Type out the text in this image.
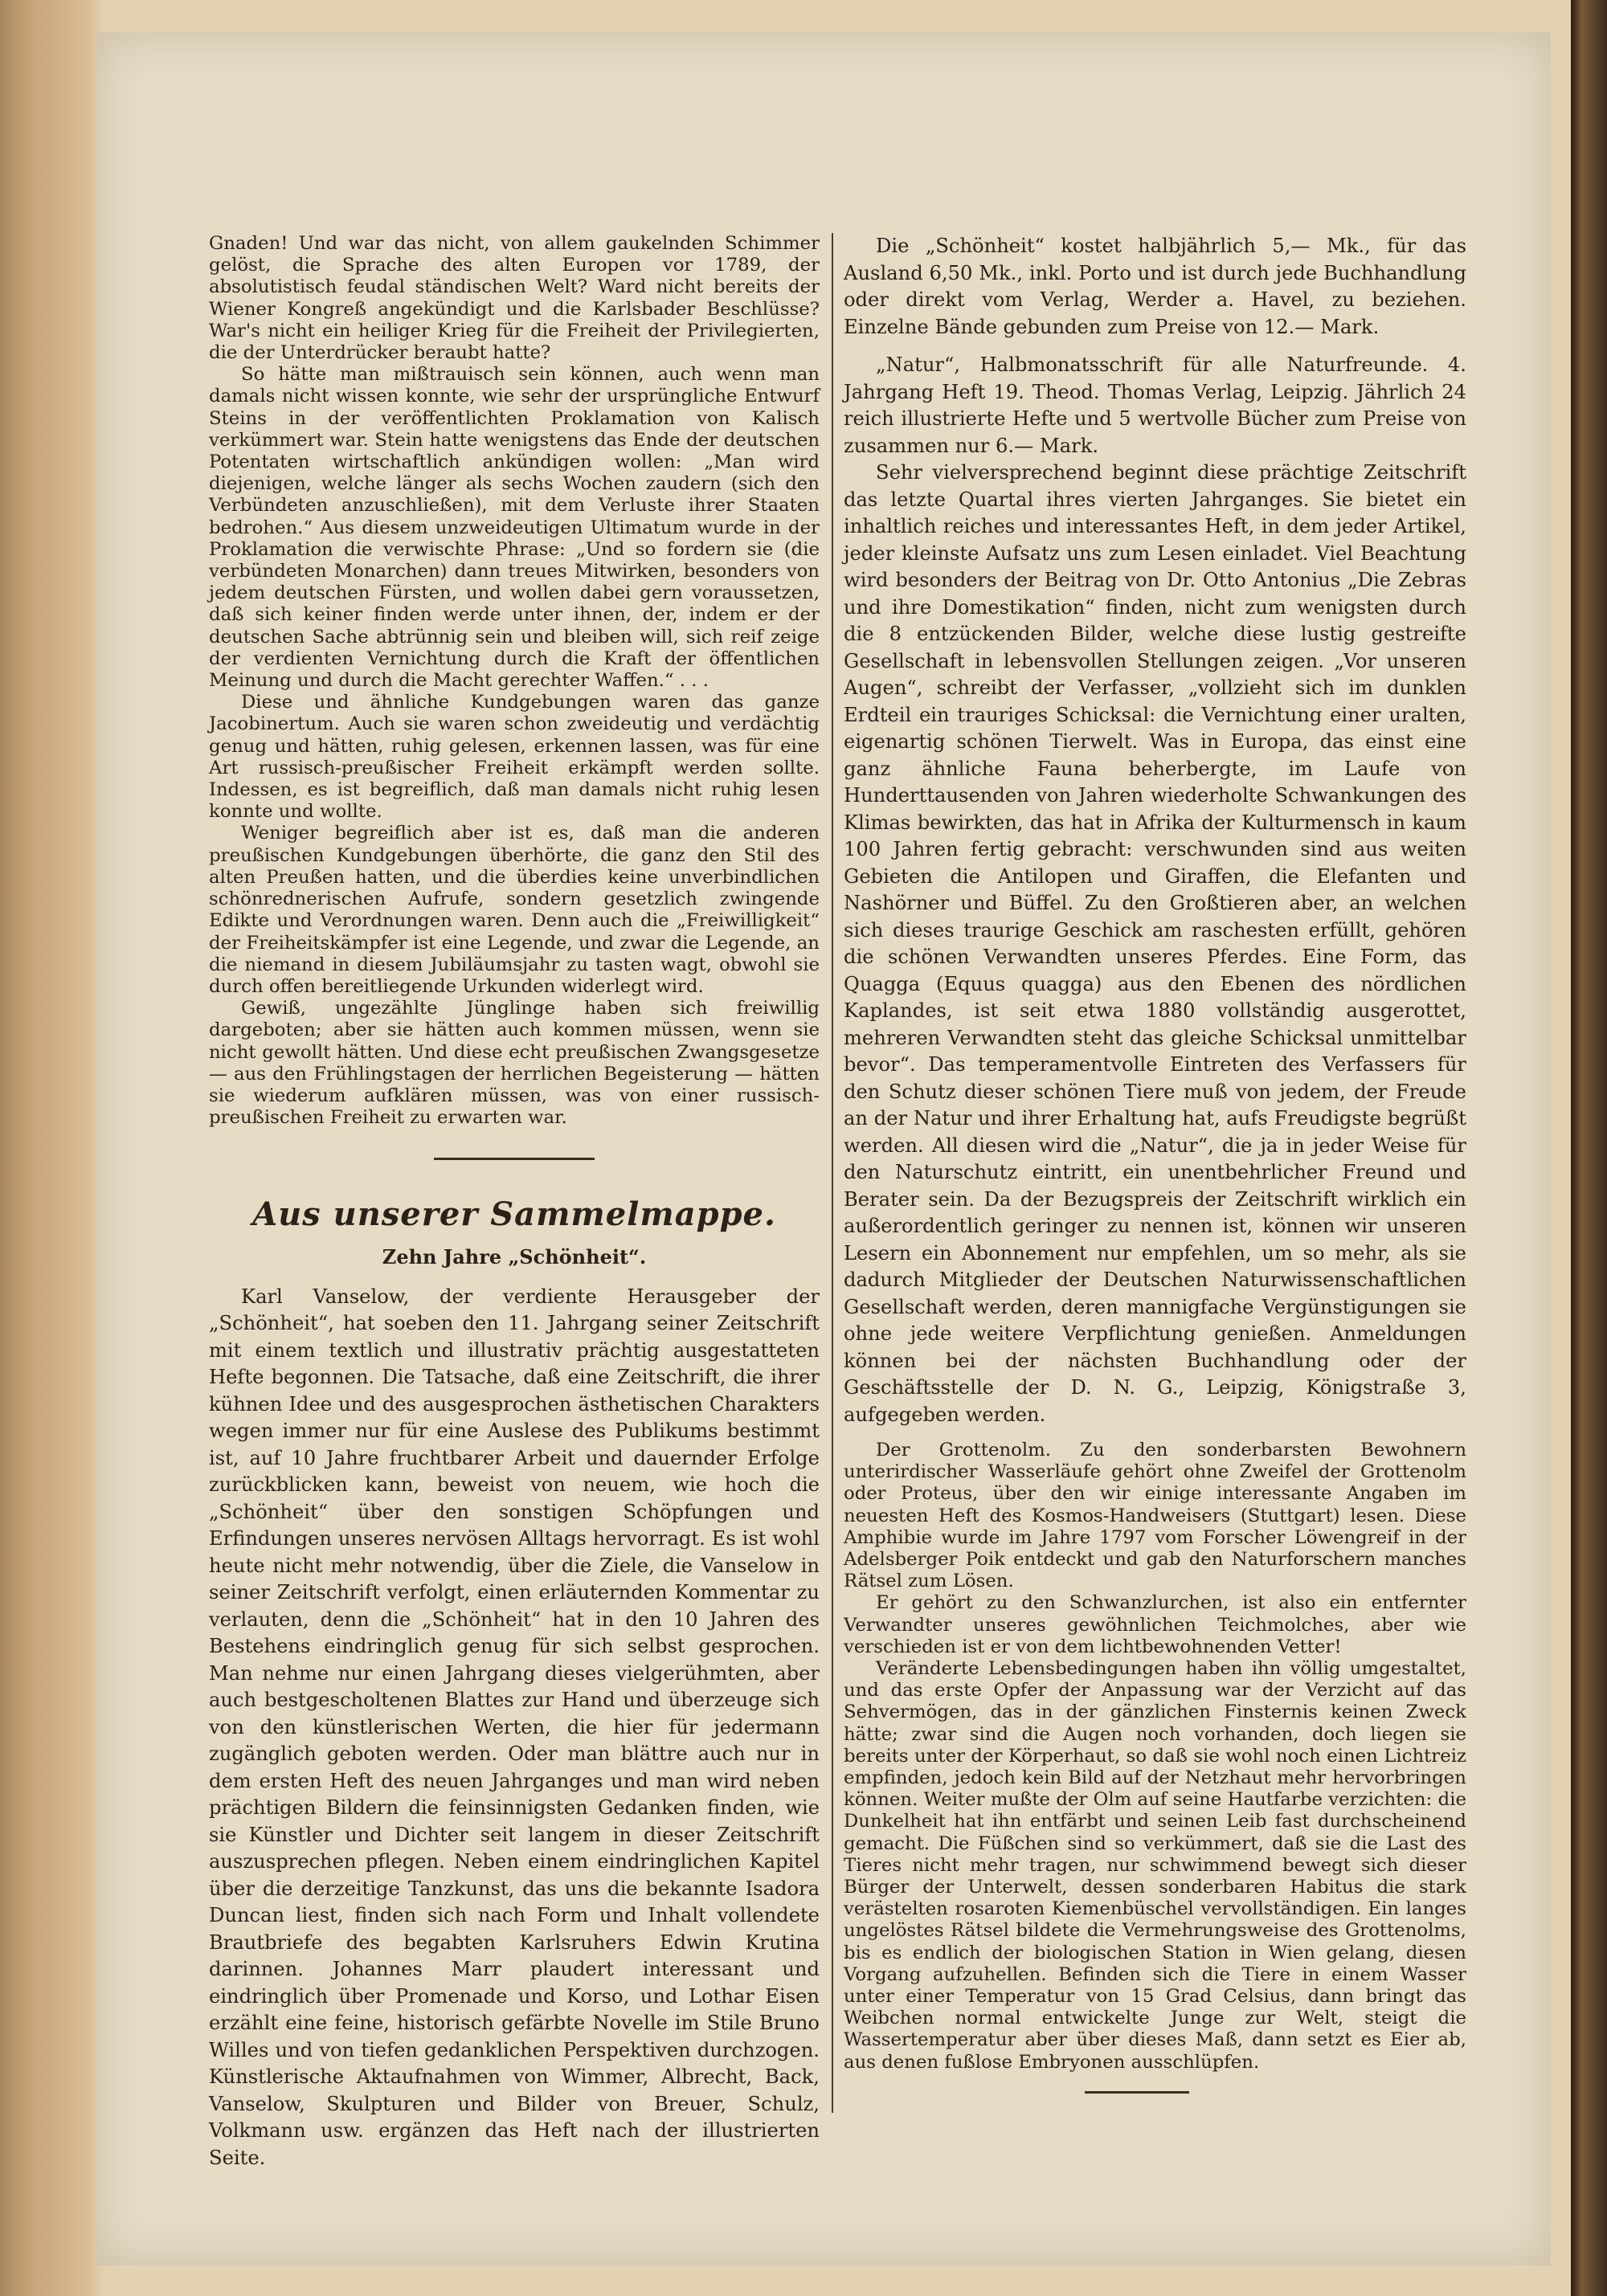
Gnaden! Und war das nicht, von allem gaukelnden Schimmer gelöst, die Sprache des alten Europen vor 1789, der absolutistisch feudal ständischen Welt? Ward nicht bereits der Wiener Kongreß angekündigt und die Karlsbader Beschlüsse? War's nicht ein heiliger Krieg für die Freiheit der Privilegierten, die der Unterdrücker beraubt hatte?

So hätte man mißtrauisch sein können, auch wenn man damals nicht wissen konnte, wie sehr der ursprüngliche Entwurf Steins in der veröffentlichten Proklamation von Kalisch verkümmert war. Stein hatte wenigstens das Ende der deutschen Potentaten wirtschaftlich ankündigen wollen: „Man wird diejenigen, welche länger als sechs Wochen zaudern (sich den Verbündeten anzuschließen), mit dem Verluste ihrer Staaten bedrohen.“ Aus diesem unzweideutigen Ultimatum wurde in der Proklamation die verwischte Phrase: „Und so fordern sie (die verbündeten Monarchen) dann treues Mitwirken, besonders von jedem deutschen Fürsten, und wollen dabei gern voraussetzen, daß sich keiner finden werde unter ihnen, der, indem er der deutschen Sache abtrünnig sein und bleiben will, sich reif zeige der verdienten Vernichtung durch die Kraft der öffentlichen Meinung und durch die Macht gerechter Waffen.“ . . .

Diese und ähnliche Kundgebungen waren das ganze Jacobinertum. Auch sie waren schon zweideutig und verdächtig genug und hätten, ruhig gelesen, erkennen lassen, was für eine Art russisch-preußischer Freiheit erkämpft werden sollte. Indessen, es ist begreiflich, daß man damals nicht ruhig lesen konnte und wollte.

Weniger begreiflich aber ist es, daß man die anderen preußischen Kundgebungen überhörte, die ganz den Stil des alten Preußen hatten, und die überdies keine unverbindlichen schönrednerischen Aufrufe, sondern gesetzlich zwingende Edikte und Verordnungen waren. Denn auch die „Freiwilligkeit“ der Freiheitskämpfer ist eine Legende, und zwar die Legende, an die niemand in diesem Jubiläumsjahr zu tasten wagt, obwohl sie durch offen bereitliegende Urkunden widerlegt wird.

Gewiß, ungezählte Jünglinge haben sich freiwillig dargeboten; aber sie hätten auch kommen müssen, wenn sie nicht gewollt hätten. Und diese echt preußischen Zwangsgesetze — aus den Frühlingstagen der herrlichen Begeisterung — hätten sie wiederum aufklären müssen, was von einer russisch-preußischen Freiheit zu erwarten war.

Aus unserer Sammelmappe.
Zehn Jahre „Schönheit“.

Karl Vanselow, der verdiente Herausgeber der „Schönheit“, hat soeben den 11. Jahrgang seiner Zeitschrift mit einem textlich und illustrativ prächtig ausgestatteten Hefte begonnen. Die Tatsache, daß eine Zeitschrift, die ihrer kühnen Idee und des ausgesprochen ästhetischen Charakters wegen immer nur für eine Auslese des Publikums bestimmt ist, auf 10 Jahre fruchtbarer Arbeit und dauernder Erfolge zurückblicken kann, beweist von neuem, wie hoch die „Schönheit“ über den sonstigen Schöpfungen und Erfindungen unseres nervösen Alltags hervorragt. Es ist wohl heute nicht mehr notwendig, über die Ziele, die Vanselow in seiner Zeitschrift verfolgt, einen erläuternden Kommentar zu verlauten, denn die „Schönheit“ hat in den 10 Jahren des Bestehens eindringlich genug für sich selbst gesprochen. Man nehme nur einen Jahrgang dieses vielgerühmten, aber auch bestgescholtenen Blattes zur Hand und überzeuge sich von den künstlerischen Werten, die hier für jedermann zugänglich geboten werden. Oder man blättre auch nur in dem ersten Heft des neuen Jahrganges und man wird neben prächtigen Bildern die feinsinnigsten Gedanken finden, wie sie Künstler und Dichter seit langem in dieser Zeitschrift auszusprechen pflegen. Neben einem eindringlichen Kapitel über die derzeitige Tanzkunst, das uns die bekannte Isadora Duncan liest, finden sich nach Form und Inhalt vollendete Brautbriefe des begabten Karlsruhers Edwin Krutina darinnen. Johannes Marr plaudert interessant und eindringlich über Promenade und Korso, und Lothar Eisen erzählt eine feine, historisch gefärbte Novelle im Stile Bruno Willes und von tiefen gedanklichen Perspektiven durchzogen. Künstlerische Aktaufnahmen von Wimmer, Albrecht, Back, Vanselow, Skulpturen und Bilder von Breuer, Schulz, Volkmann usw. ergänzen das Heft nach der illustrierten Seite.

Die „Schönheit“ kostet halbjährlich 5,— Mk., für das Ausland 6,50 Mk., inkl. Porto und ist durch jede Buchhandlung oder direkt vom Verlag, Werder a. Havel, zu beziehen. Einzelne Bände gebunden zum Preise von 12.— Mark.

„Natur“, Halbmonatsschrift für alle Naturfreunde. 4. Jahrgang Heft 19. Theod. Thomas Verlag, Leipzig. Jährlich 24 reich illustrierte Hefte und 5 wertvolle Bücher zum Preise von zusammen nur 6.— Mark.

Sehr vielversprechend beginnt diese prächtige Zeitschrift das letzte Quartal ihres vierten Jahrganges. Sie bietet ein inhaltlich reiches und interessantes Heft, in dem jeder Artikel, jeder kleinste Aufsatz uns zum Lesen einladet. Viel Beachtung wird besonders der Beitrag von Dr. Otto Antonius „Die Zebras und ihre Domestikation“ finden, nicht zum wenigsten durch die 8 entzückenden Bilder, welche diese lustig gestreifte Gesellschaft in lebensvollen Stellungen zeigen. „Vor unseren Augen“, schreibt der Verfasser, „vollzieht sich im dunklen Erdteil ein trauriges Schicksal: die Vernichtung einer uralten, eigenartig schönen Tierwelt. Was in Europa, das einst eine ganz ähnliche Fauna beherbergte, im Laufe von Hunderttausenden von Jahren wiederholte Schwankungen des Klimas bewirkten, das hat in Afrika der Kulturmensch in kaum 100 Jahren fertig gebracht: verschwunden sind aus weiten Gebieten die Antilopen und Giraffen, die Elefanten und Nashörner und Büffel. Zu den Großtieren aber, an welchen sich dieses traurige Geschick am raschesten erfüllt, gehören die schönen Verwandten unseres Pferdes. Eine Form, das Quagga (Equus quagga) aus den Ebenen des nördlichen Kaplandes, ist seit etwa 1880 vollständig ausgerottet, mehreren Verwandten steht das gleiche Schicksal unmittelbar bevor“. Das temperamentvolle Eintreten des Verfassers für den Schutz dieser schönen Tiere muß von jedem, der Freude an der Natur und ihrer Erhaltung hat, aufs Freudigste begrüßt werden. All diesen wird die „Natur“, die ja in jeder Weise für den Naturschutz eintritt, ein unentbehrlicher Freund und Berater sein. Da der Bezugspreis der Zeitschrift wirklich ein außerordentlich geringer zu nennen ist, können wir unseren Lesern ein Abonnement nur empfehlen, um so mehr, als sie dadurch Mitglieder der Deutschen Naturwissenschaftlichen Gesellschaft werden, deren mannigfache Vergünstigungen sie ohne jede weitere Verpflichtung genießen. Anmeldungen können bei der nächsten Buchhandlung oder der Geschäftsstelle der D. N. G., Leipzig, Königstraße 3, aufgegeben werden.

Der Grottenolm. Zu den sonderbarsten Bewohnern unterirdischer Wasserläufe gehört ohne Zweifel der Grottenolm oder Proteus, über den wir einige interessante Angaben im neuesten Heft des Kosmos-Handweisers (Stuttgart) lesen. Diese Amphibie wurde im Jahre 1797 vom Forscher Löwengreif in der Adelsberger Poik entdeckt und gab den Naturforschern manches Rätsel zum Lösen.

Er gehört zu den Schwanzlurchen, ist also ein entfernter Verwandter unseres gewöhnlichen Teichmolches, aber wie verschieden ist er von dem lichtbewohnenden Vetter!

Veränderte Lebensbedingungen haben ihn völlig umgestaltet, und das erste Opfer der Anpassung war der Verzicht auf das Sehvermögen, das in der gänzlichen Finsternis keinen Zweck hätte; zwar sind die Augen noch vorhanden, doch liegen sie bereits unter der Körperhaut, so daß sie wohl noch einen Lichtreiz empfinden, jedoch kein Bild auf der Netzhaut mehr hervorbringen können. Weiter mußte der Olm auf seine Hautfarbe verzichten: die Dunkelheit hat ihn entfärbt und seinen Leib fast durchscheinend gemacht. Die Füßchen sind so verkümmert, daß sie die Last des Tieres nicht mehr tragen, nur schwimmend bewegt sich dieser Bürger der Unterwelt, dessen sonderbaren Habitus die stark verästelten rosaroten Kiemenbüschel vervollständigen. Ein langes ungelöstes Rätsel bildete die Vermehrungsweise des Grottenolms, bis es endlich der biologischen Station in Wien gelang, diesen Vorgang aufzuhellen. Befinden sich die Tiere in einem Wasser unter einer Temperatur von 15 Grad Celsius, dann bringt das Weibchen normal entwickelte Junge zur Welt, steigt die Wassertemperatur aber über dieses Maß, dann setzt es Eier ab, aus denen fußlose Embryonen ausschlüpfen.
